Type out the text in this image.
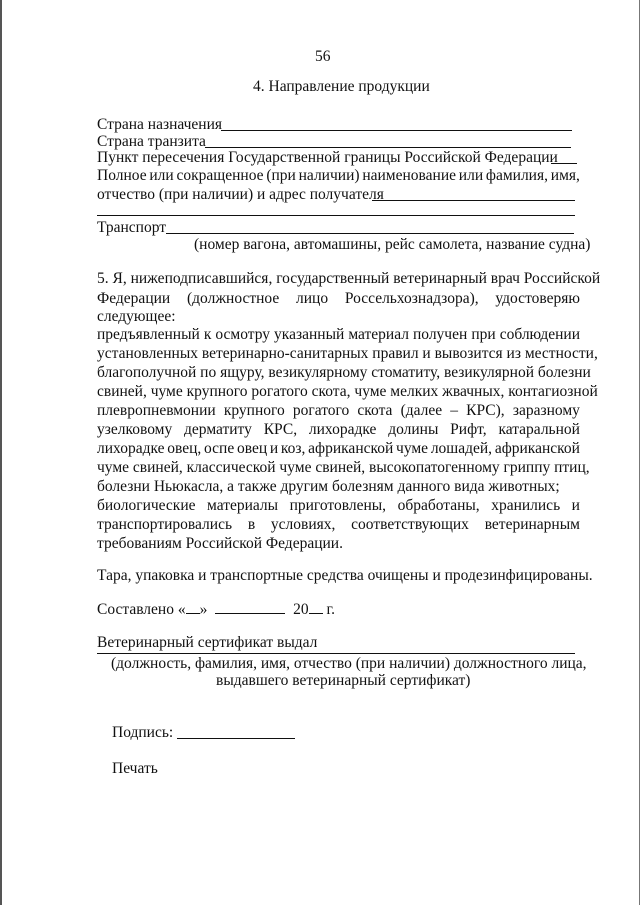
56
4. Направление продукции
Страна назначения
Страна транзита
Пункт пересечения Государственной границы Российской Федерации
Полное или сокращенное (при наличии) наименование или фамилия, имя,
отчество (при наличии) и адрес получателя
Транспорт
(номер вагона, автомашины, рейс самолета, название судна)
5. Я, нижеподписавшийся, государственный ветеринарный врач Российской
Федерации (должностное лицо Россельхознадзора), удостоверяю
следующее:
предъявленный к осмотру указанный материал получен при соблюдении
установленных ветеринарно-санитарных правил и вывозится из местности,
благополучной по ящуру, везикулярному стоматиту, везикулярной болезни
свиней, чуме крупного рогатого скота, чуме мелких жвачных, контагиозной
плевропневмонии крупного рогатого скота (далее – КРС), заразному
узелковому дерматиту КРС, лихорадке долины Рифт, катаральной
лихорадке овец, оспе овец и коз, африканской чуме лошадей, африканской
чуме свиней, классической чуме свиней, высокопатогенному гриппу птиц,
болезни Ньюкасла, а также другим болезням данного вида животных;
биологические материалы приготовлены, обработаны, хранились и
транспортировались в условиях, соответствующих ветеринарным
требованиям Российской Федерации.
Тара, упаковка и транспортные средства очищены и продезинфицированы.
Составлено « »	20 г.
Ветеринарный сертификат выдал
(должность, фамилия, имя, отчество (при наличии) должностного лица,
выдавшего ветеринарный сертификат)
Подпись:
Печать
